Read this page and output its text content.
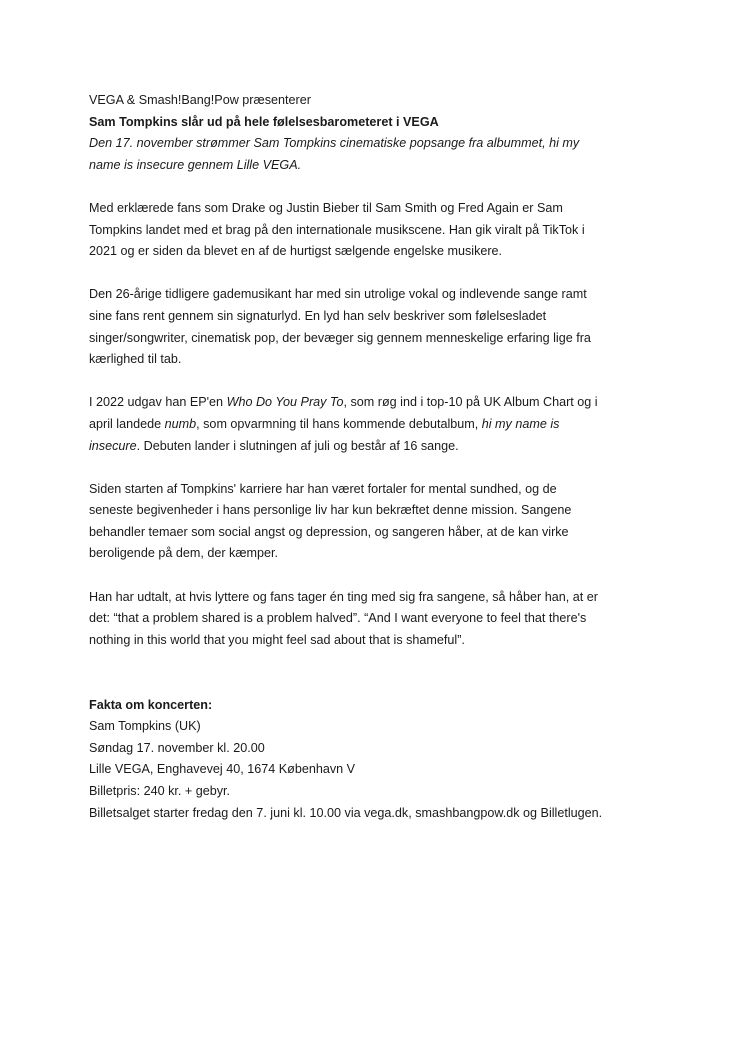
VEGA & Smash!Bang!Pow præsenterer
Sam Tompkins slår ud på hele følelsesbarometeret i VEGA
Den 17. november strømmer Sam Tompkins cinematiske popsange fra albummet, hi my
name is insecure gennem Lille VEGA.
Med erklærede fans som Drake og Justin Bieber til Sam Smith og Fred Again er Sam
Tompkins landet med et brag på den internationale musikscene. Han gik viralt på TikTok i
2021 og er siden da blevet en af de hurtigst sælgende engelske musikere.
Den 26-årige tidligere gademusikant har med sin utrolige vokal og indlevende sange ramt
sine fans rent gennem sin signaturlyd. En lyd han selv beskriver som følelsesladet
singer/songwriter, cinematisk pop, der bevæger sig gennem menneskelige erfaring lige fra
kærlighed til tab.
I 2022 udgav han EP'en Who Do You Pray To, som røg ind i top-10 på UK Album Chart og i
april landede numb, som opvarmning til hans kommende debutalbum, hi my name is
insecure. Debuten lander i slutningen af juli og består af 16 sange.
Siden starten af Tompkins' karriere har han været fortaler for mental sundhed, og de
seneste begivenheder i hans personlige liv har kun bekræftet denne mission. Sangene
behandler temaer som social angst og depression, og sangeren håber, at de kan virke
beroligende på dem, der kæmper.
Han har udtalt, at hvis lyttere og fans tager én ting med sig fra sangene, så håber han, at er
det: “that a problem shared is a problem halved”. “And I want everyone to feel that there's
nothing in this world that you might feel sad about that is shameful”.
Fakta om koncerten:
Sam Tompkins (UK)
Søndag 17. november kl. 20.00
Lille VEGA, Enghavevej 40, 1674 København V
Billetpris: 240 kr. + gebyr.
Billetsalget starter fredag den 7. juni kl. 10.00 via vega.dk, smashbangpow.dk og Billetlugen.
